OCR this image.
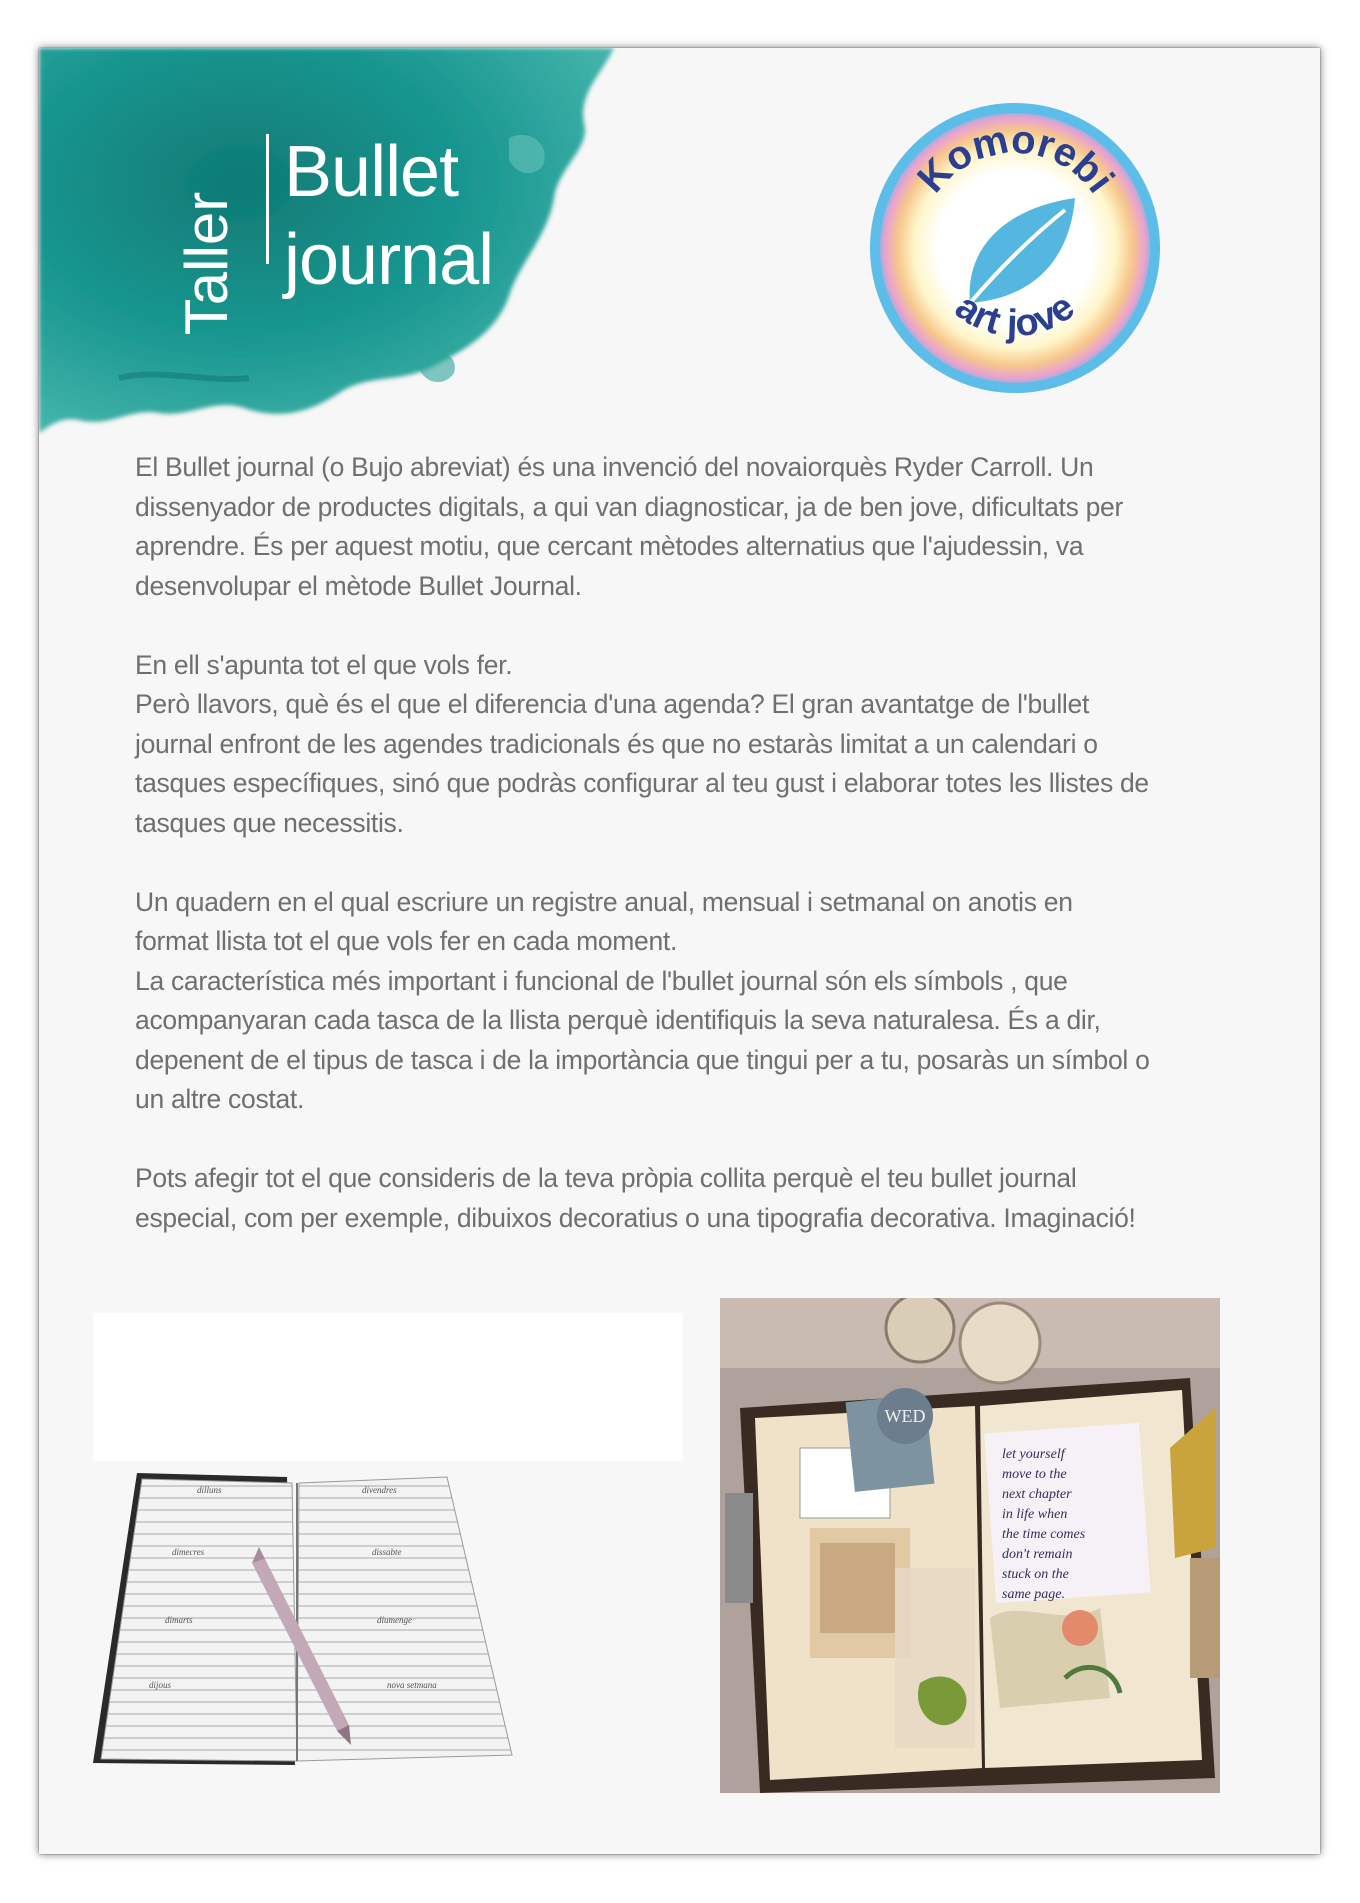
Taller
Bullet
journal
Komorebi
art jove

El Bullet journal (o Bujo abreviat) és una invenció del novaiorquès Ryder Carroll. Un
dissenyador de productes digitals, a qui van diagnosticar, ja de ben jove, dificultats per
aprendre. És per aquest motiu, que cercant mètodes alternatius que l'ajudessin, va
desenvolupar el mètode Bullet Journal.

En ell s'apunta tot el que vols fer.
Però llavors, què és el que el diferencia d'una agenda? El gran avantatge de l'bullet
journal enfront de les agendes tradicionals és que no estaràs limitat a un calendari o
tasques específiques, sinó que podràs configurar al teu gust i elaborar totes les llistes de
tasques que necessitis.

Un quadern en el qual escriure un registre anual, mensual i setmanal on anotis en
format llista tot el que vols fer en cada moment.
La característica més important i funcional de l'bullet journal són els símbols , que
acompanyaran cada tasca de la llista perquè identifiquis la seva naturalesa. És a dir,
depenent de el tipus de tasca i de la importància que tingui per a tu, posaràs un símbol o
un altre costat.

Pots afegir tot el que consideris de la teva pròpia collita perquè el teu bullet journal
especial, com per exemple, dibuixos decoratius o una tipografia decorativa. Imaginació!

dilluns
dimecres
dimarts
dijous
divendres
dissabte
diumenge
nova setmana
let yourself
move to the
next chapter
in life when
the time comes
don't remain
stuck on the
same page.
WED
